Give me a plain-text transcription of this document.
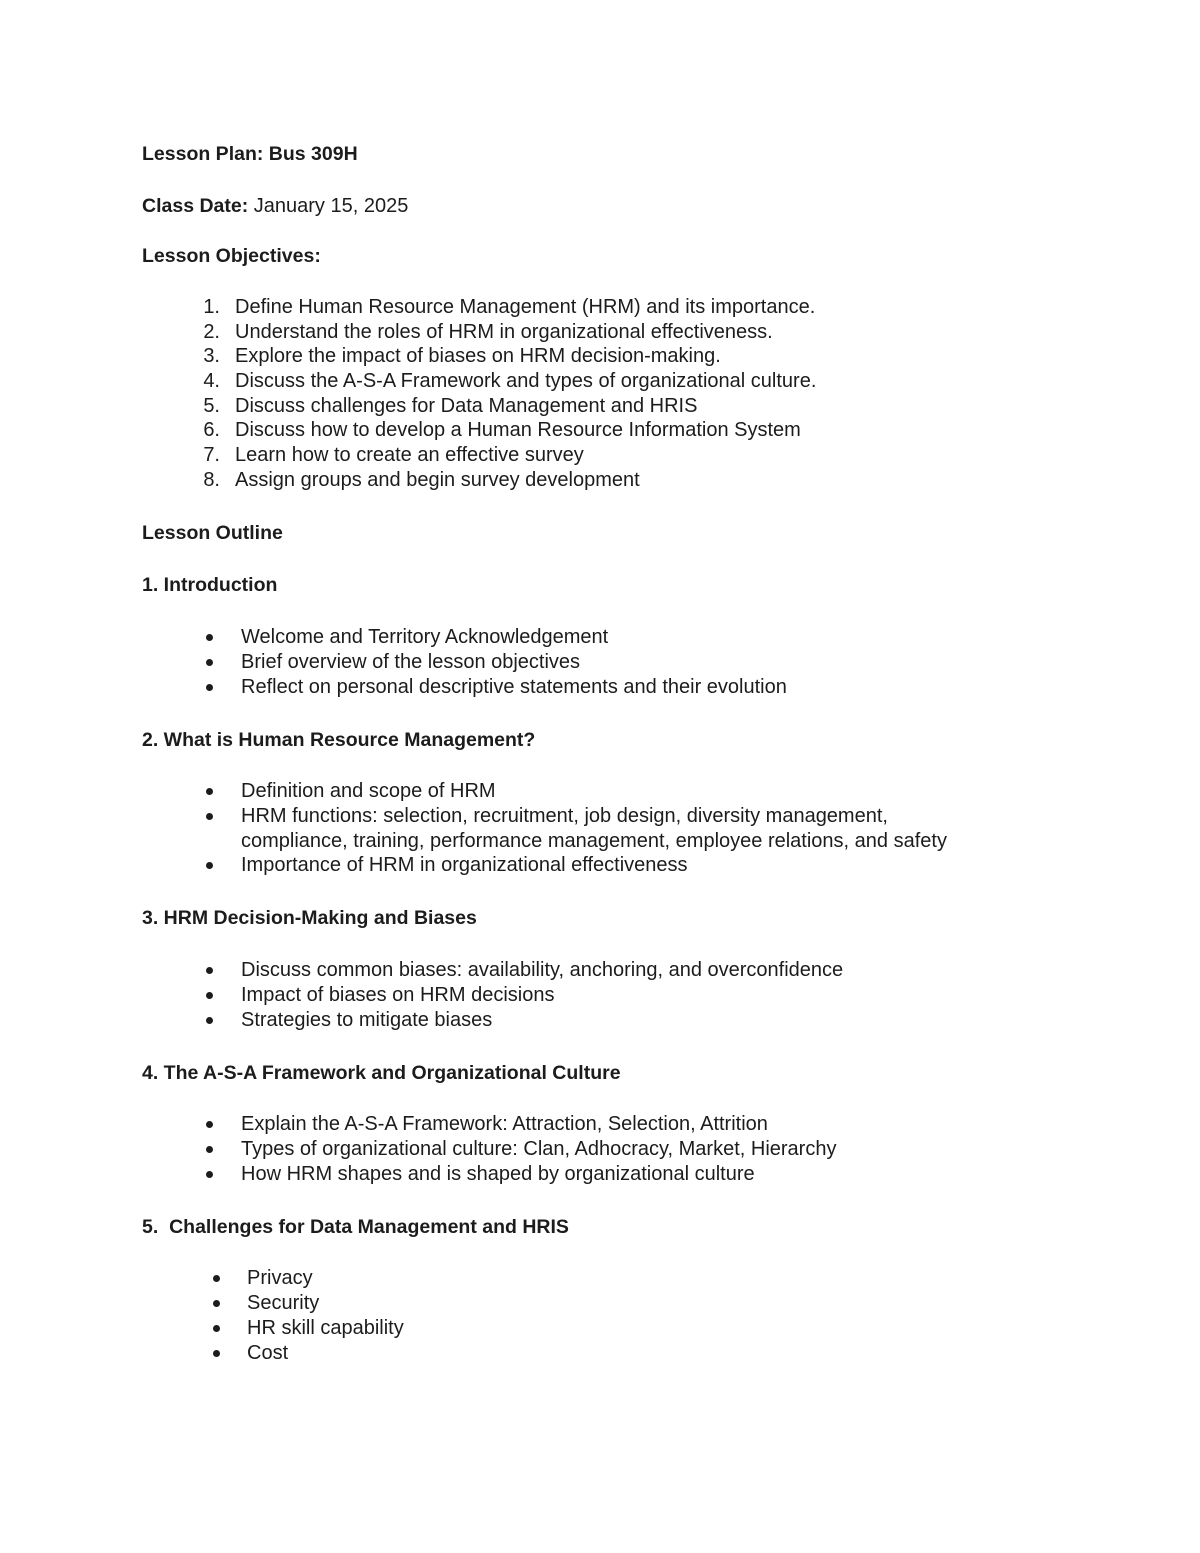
Lesson Plan: Bus 309H
Class Date: January 15, 2025
Lesson Objectives:
1. Define Human Resource Management (HRM) and its importance.
2. Understand the roles of HRM in organizational effectiveness.
3. Explore the impact of biases on HRM decision-making.
4. Discuss the A-S-A Framework and types of organizational culture.
5. Discuss challenges for Data Management and HRIS
6. Discuss how to develop a Human Resource Information System
7. Learn how to create an effective survey
8. Assign groups and begin survey development
Lesson Outline
1. Introduction
Welcome and Territory Acknowledgement
Brief overview of the lesson objectives
Reflect on personal descriptive statements and their evolution
2. What is Human Resource Management?
Definition and scope of HRM
HRM functions: selection, recruitment, job design, diversity management,
compliance, training, performance management, employee relations, and safety
Importance of HRM in organizational effectiveness
3. HRM Decision-Making and Biases
Discuss common biases: availability, anchoring, and overconfidence
Impact of biases on HRM decisions
Strategies to mitigate biases
4. The A-S-A Framework and Organizational Culture
Explain the A-S-A Framework: Attraction, Selection, Attrition
Types of organizational culture: Clan, Adhocracy, Market, Hierarchy
How HRM shapes and is shaped by organizational culture
5.  Challenges for Data Management and HRIS
Privacy
Security
HR skill capability
Cost
